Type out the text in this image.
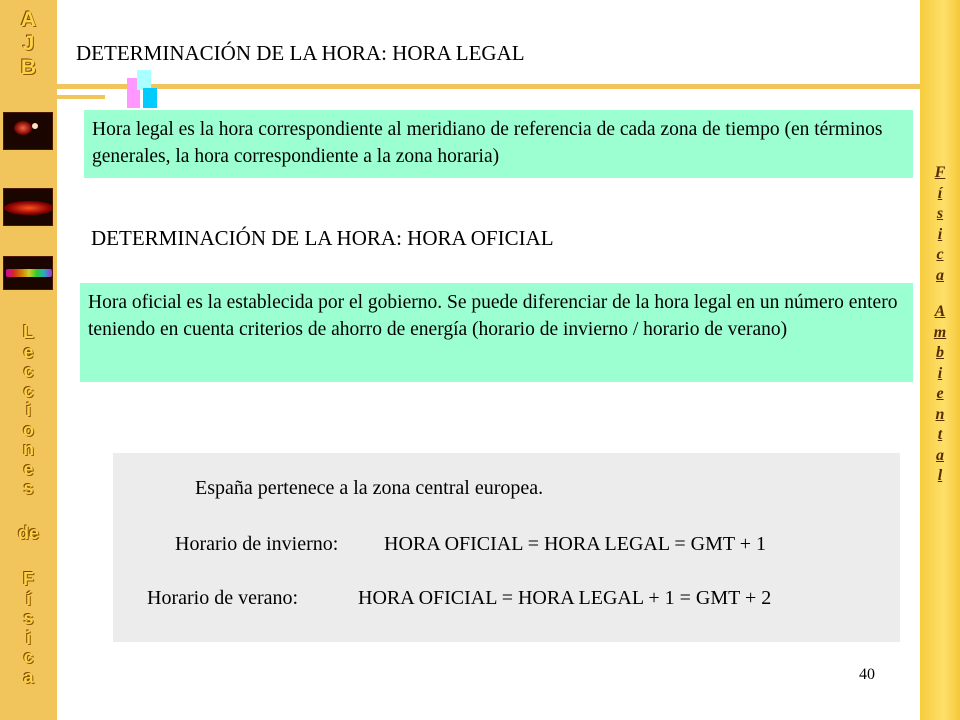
A
J
B
L
e
c
c
i
o
n
e
s
de
F
í
s
i
c
a
F
í
s
i
c
a
A
m
b
i
e
n
t
a
l
DETERMINACIÓN DE LA HORA: HORA LEGAL
DETERMINACIÓN DE LA HORA: HORA OFICIAL
Hora legal es la hora correspondiente al meridiano de referencia de cada zona de tiempo (en términos generales, la hora correspondiente a la zona horaria)
Hora oficial es la establecida por el gobierno. Se puede diferenciar de la hora legal en un número entero teniendo en cuenta criterios de ahorro de energía (horario de invierno / horario de verano)
España pertenece a la zona central europea.
Horario de invierno: HORA OFICIAL = HORA LEGAL = GMT + 1
Horario de verano:	HORA OFICIAL = HORA LEGAL + 1 = GMT + 2
40
